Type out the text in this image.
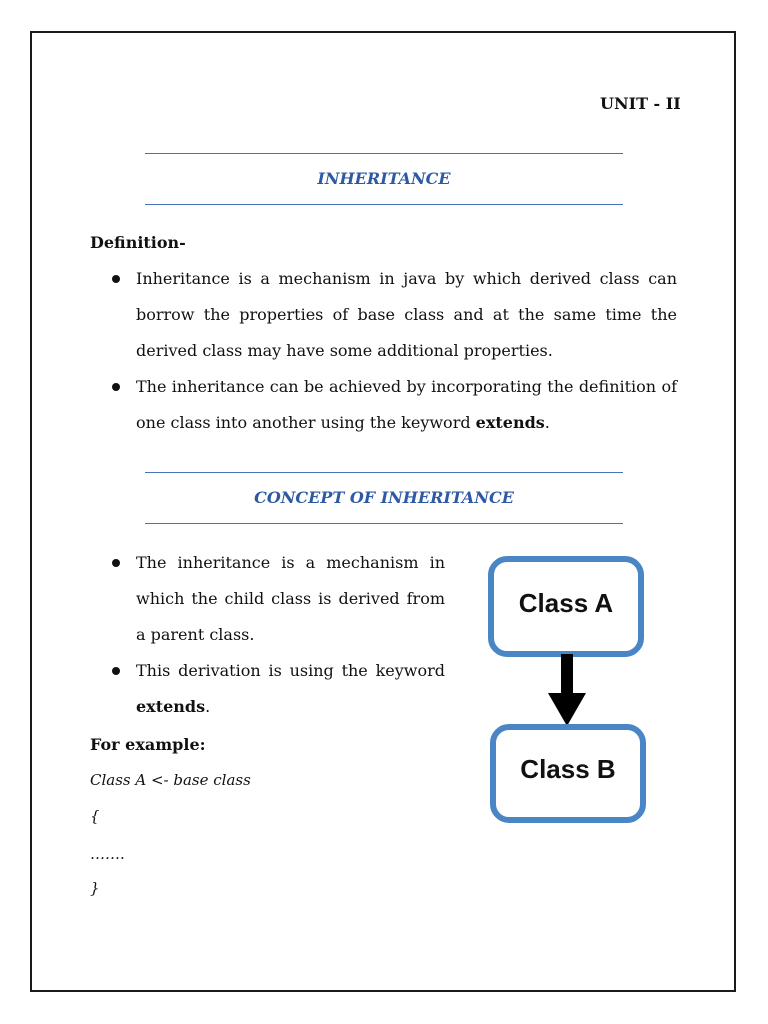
UNIT - II
INHERITANCE
Definition-
Inheritance is a mechanism in java by which derived class can borrow the properties of base class and at the same time the derived class may have some additional properties.
The inheritance can be achieved by incorporating the definition of one class into another using the keyword extends.
CONCEPT OF INHERITANCE
The inheritance is a mechanism in which the child class is derived from a parent class.
This derivation is using the keyword extends.
For example:
Class A <- base class
{
…….
}
Class A
Class B
